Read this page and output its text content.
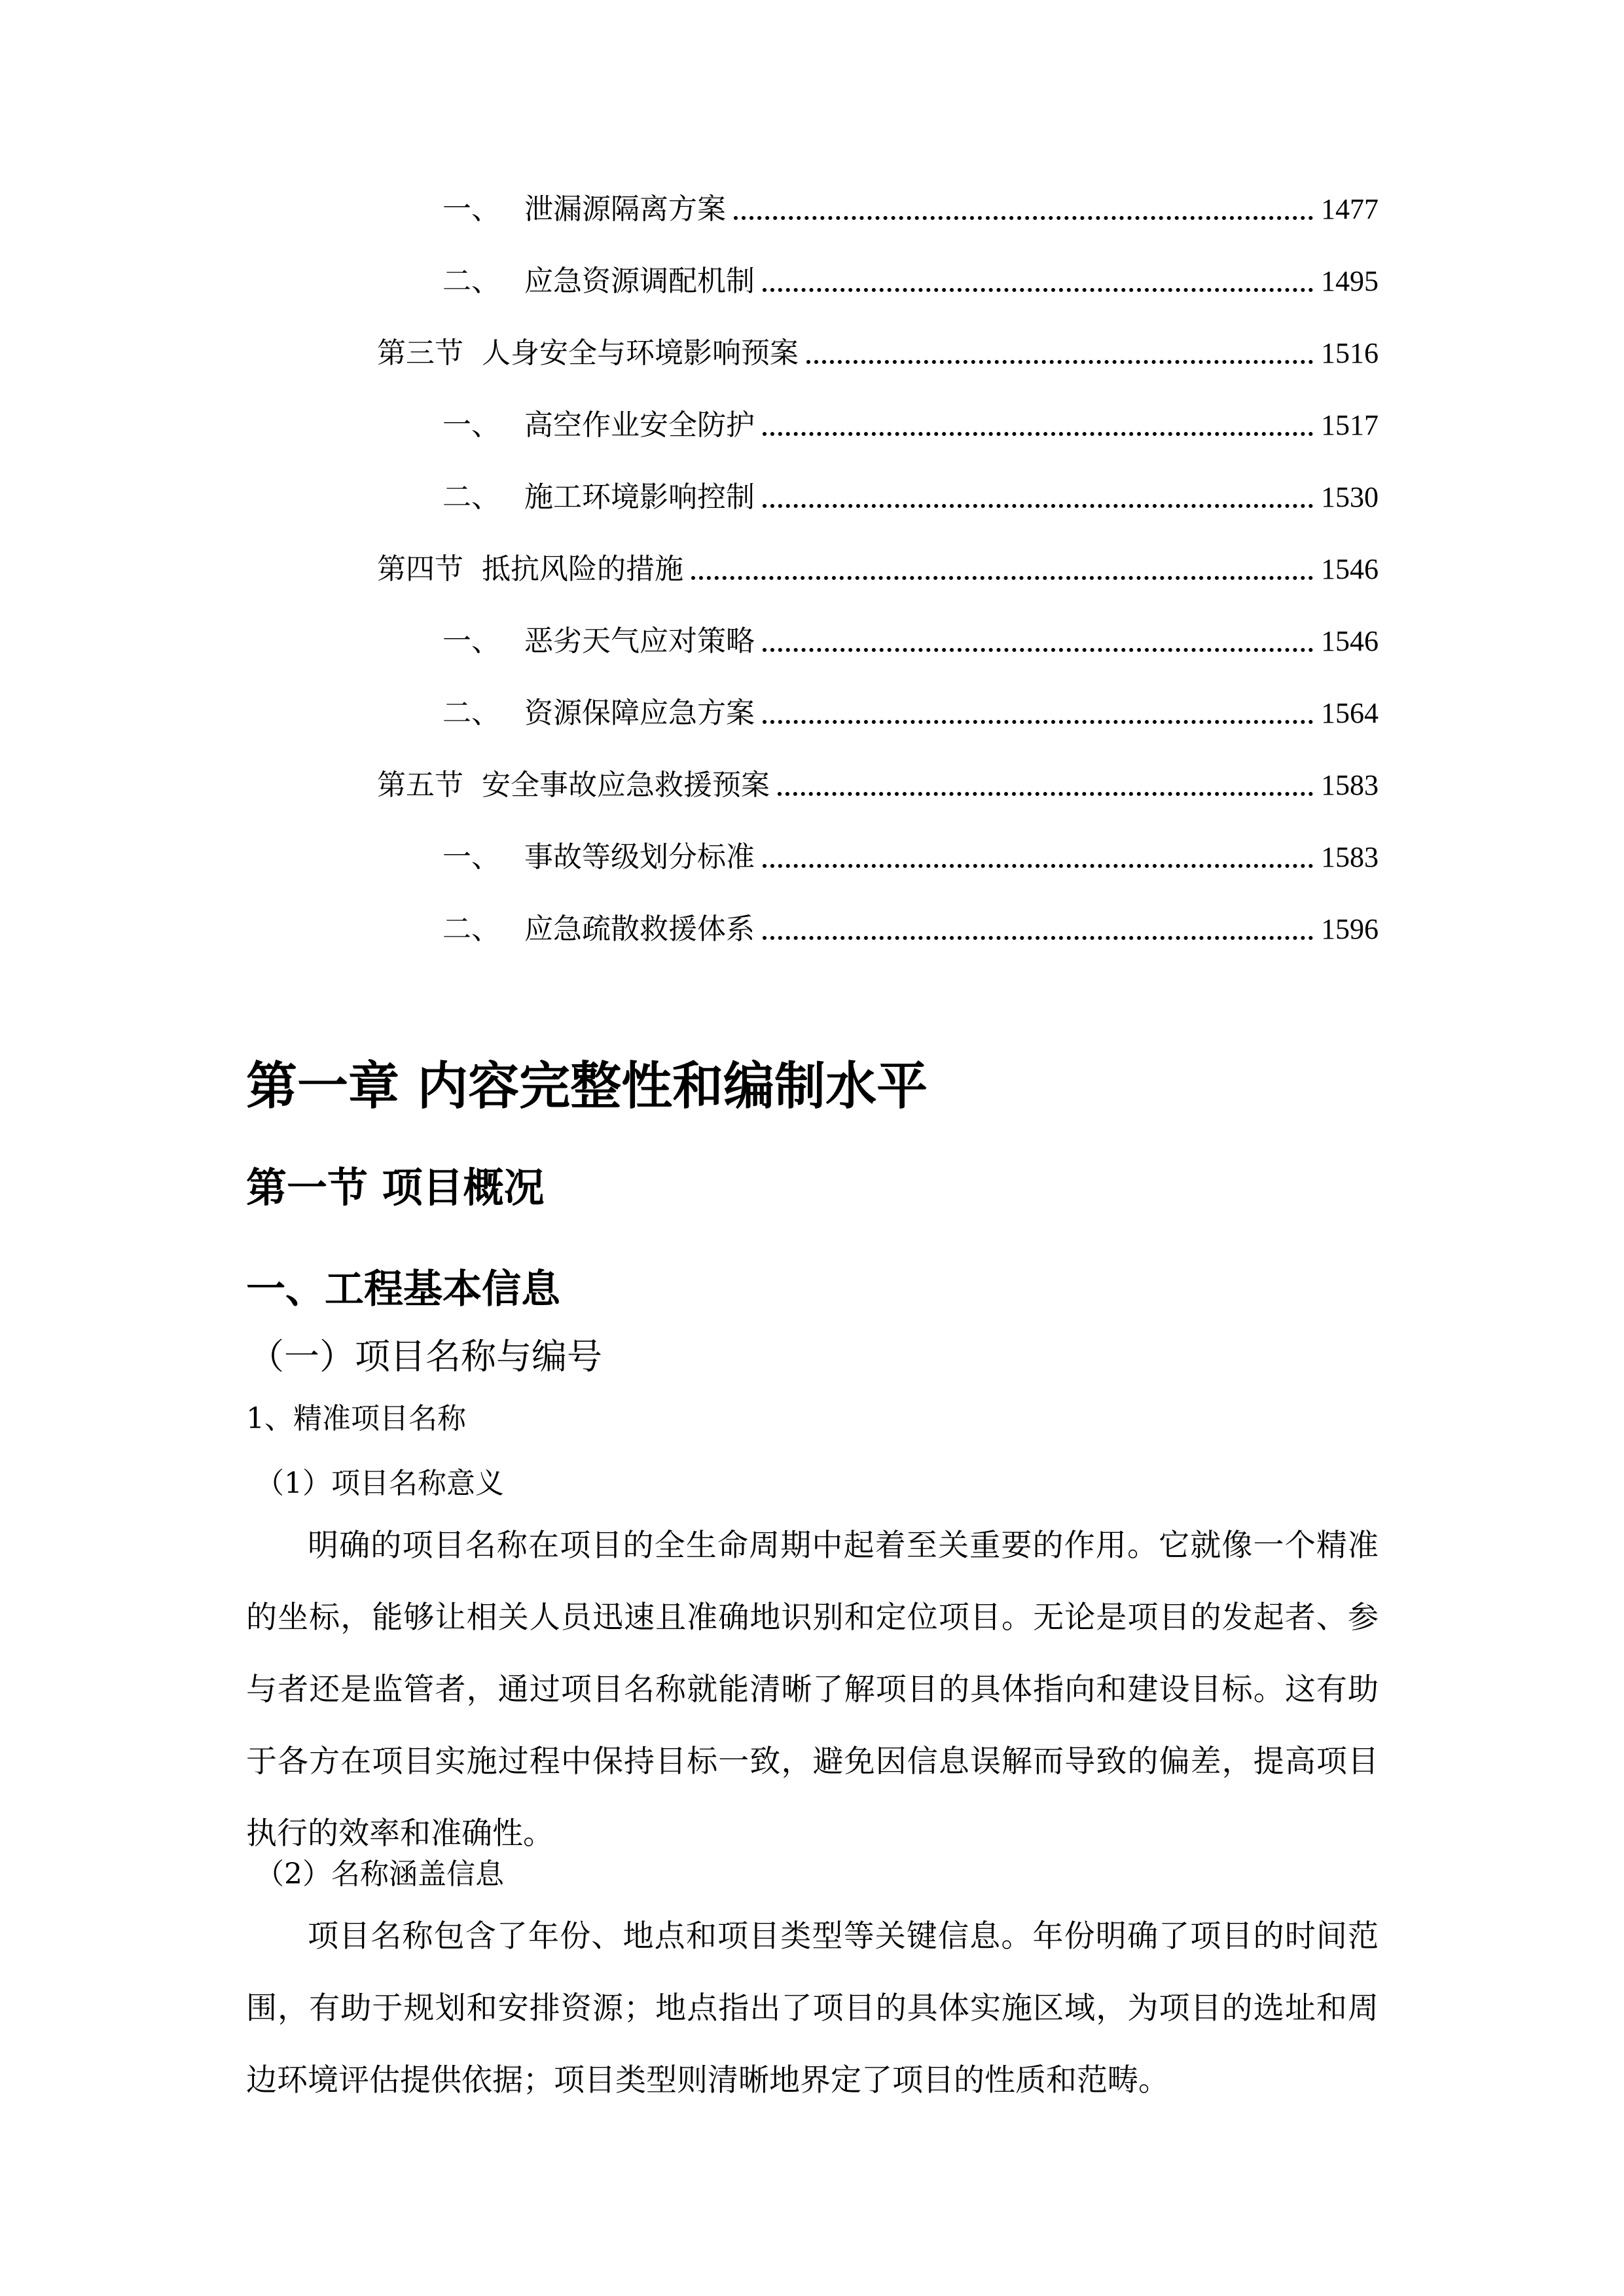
一、 泄漏源隔离方案	1477
二、 应急资源调配机制	1495
第三节 人身安全与环境影响预案	1516
一、 高空作业安全防护	1517
二、 施工环境影响控制	1530
第四节 抵抗风险的措施	1546
一、 恶劣天气应对策略	1546
二、 资源保障应急方案	1564
第五节 安全事故应急救援预案	1583
一、 事故等级划分标准	1583
二、 应急疏散救援体系	1596
第一章 内容完整性和编制水平
第一节 项目概况
一、工程基本信息
（一）项目名称与编号
1、精准项目名称
（1）项目名称意义
明确的项目名称在项目的全生命周期中起着至关重要的作用。它就像一个精准的坐标，能够让相关人员迅速且准确地识别和定位项目。无论是项目的发起者、参与者还是监管者，通过项目名称就能清晰了解项目的具体指向和建设目标。这有助于各方在项目实施过程中保持目标一致，避免因信息误解而导致的偏差，提高项目执行的效率和准确性。
（2）名称涵盖信息
项目名称包含了年份、地点和项目类型等关键信息。年份明确了项目的时间范围，有助于规划和安排资源；地点指出了项目的具体实施区域，为项目的选址和周边环境评估提供依据；项目类型则清晰地界定了项目的性质和范畴。
